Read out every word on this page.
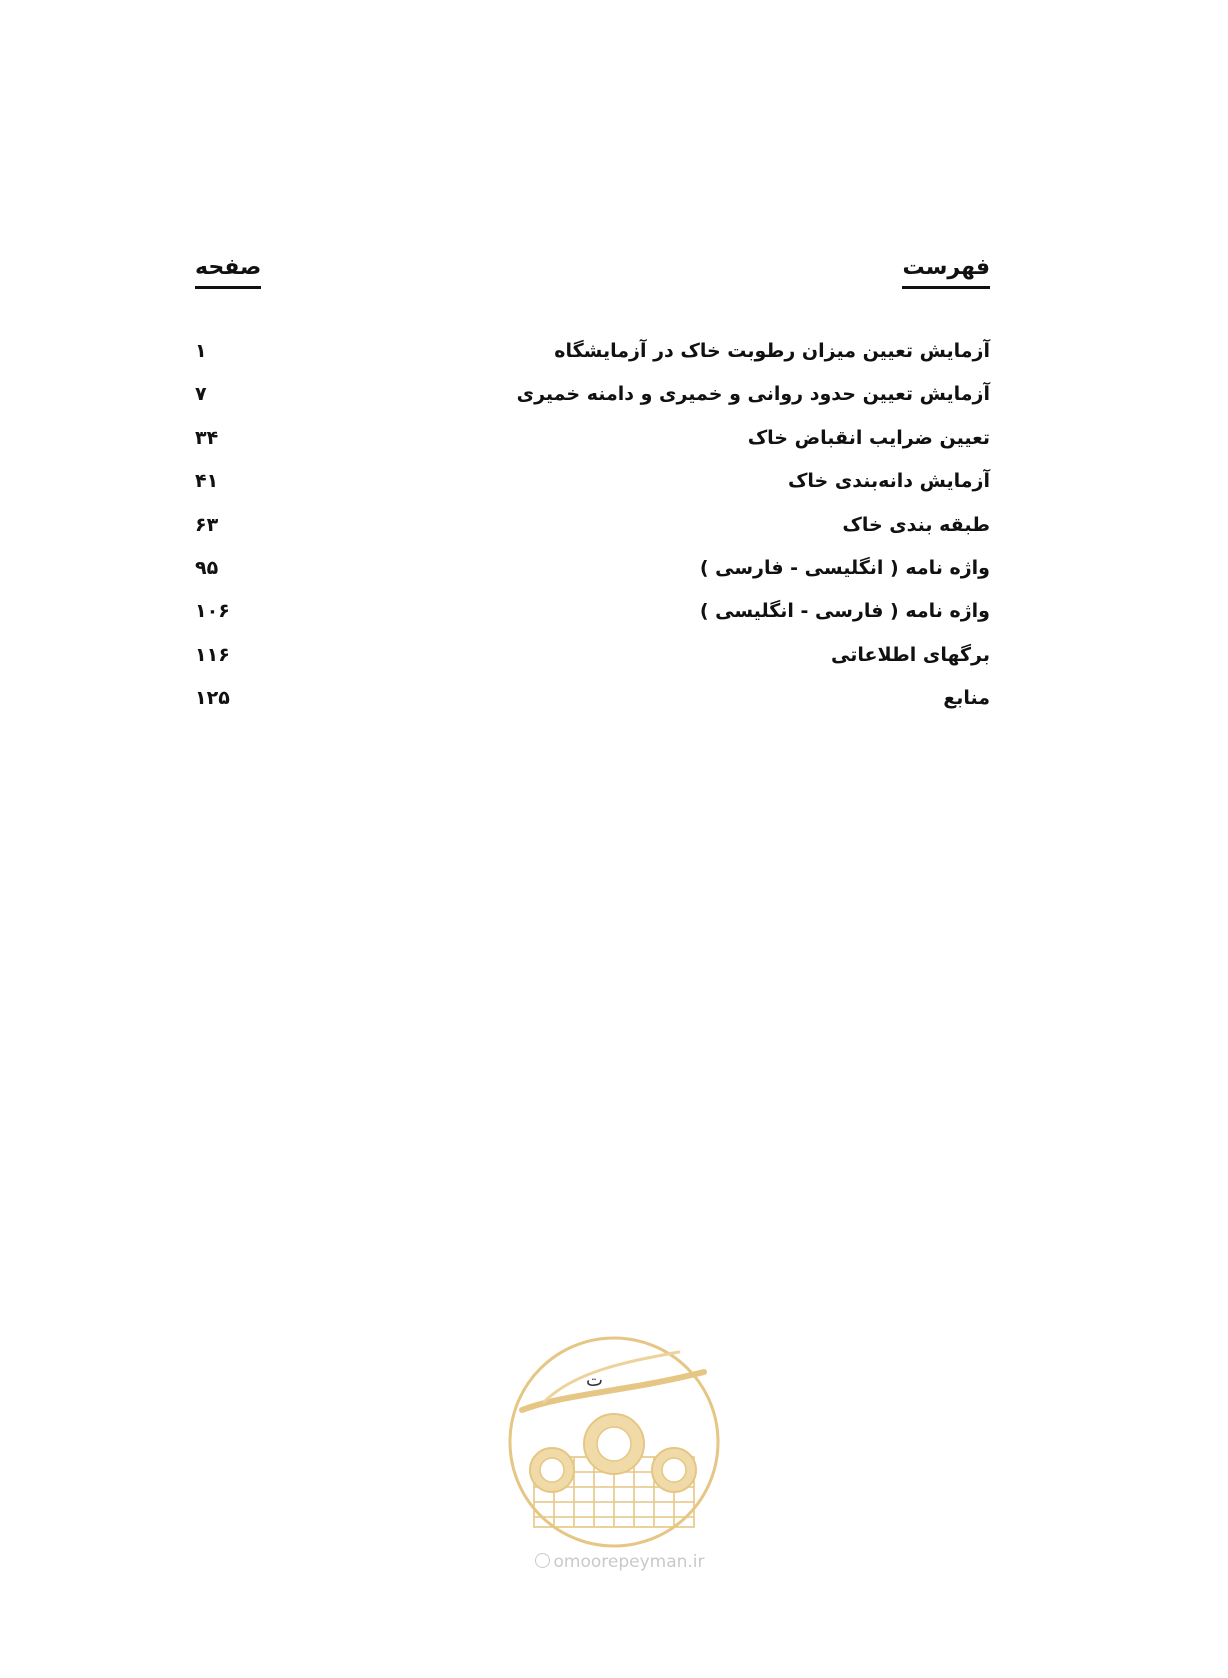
فهرست
صفحه
آزمایش تعیین میزان رطوبت خاک در آزمایشگاه
۱
آزمایش تعیین حدود روانی و خمیری و دامنه خمیری
۷
تعیین ضرایب انقباض خاک
۳۴
آزمایش دانه‌بندی خاک
۴۱
طبقه بندی خاک
۶۳
واژه نامه ( انگلیسی - فارسی )
۹۵
واژه نامه ( فارسی - انگلیسی )
۱۰۶
برگهای اطلاعاتی
۱۱۶
منابع
۱۲۵
ت
omoorepeyman.ir
